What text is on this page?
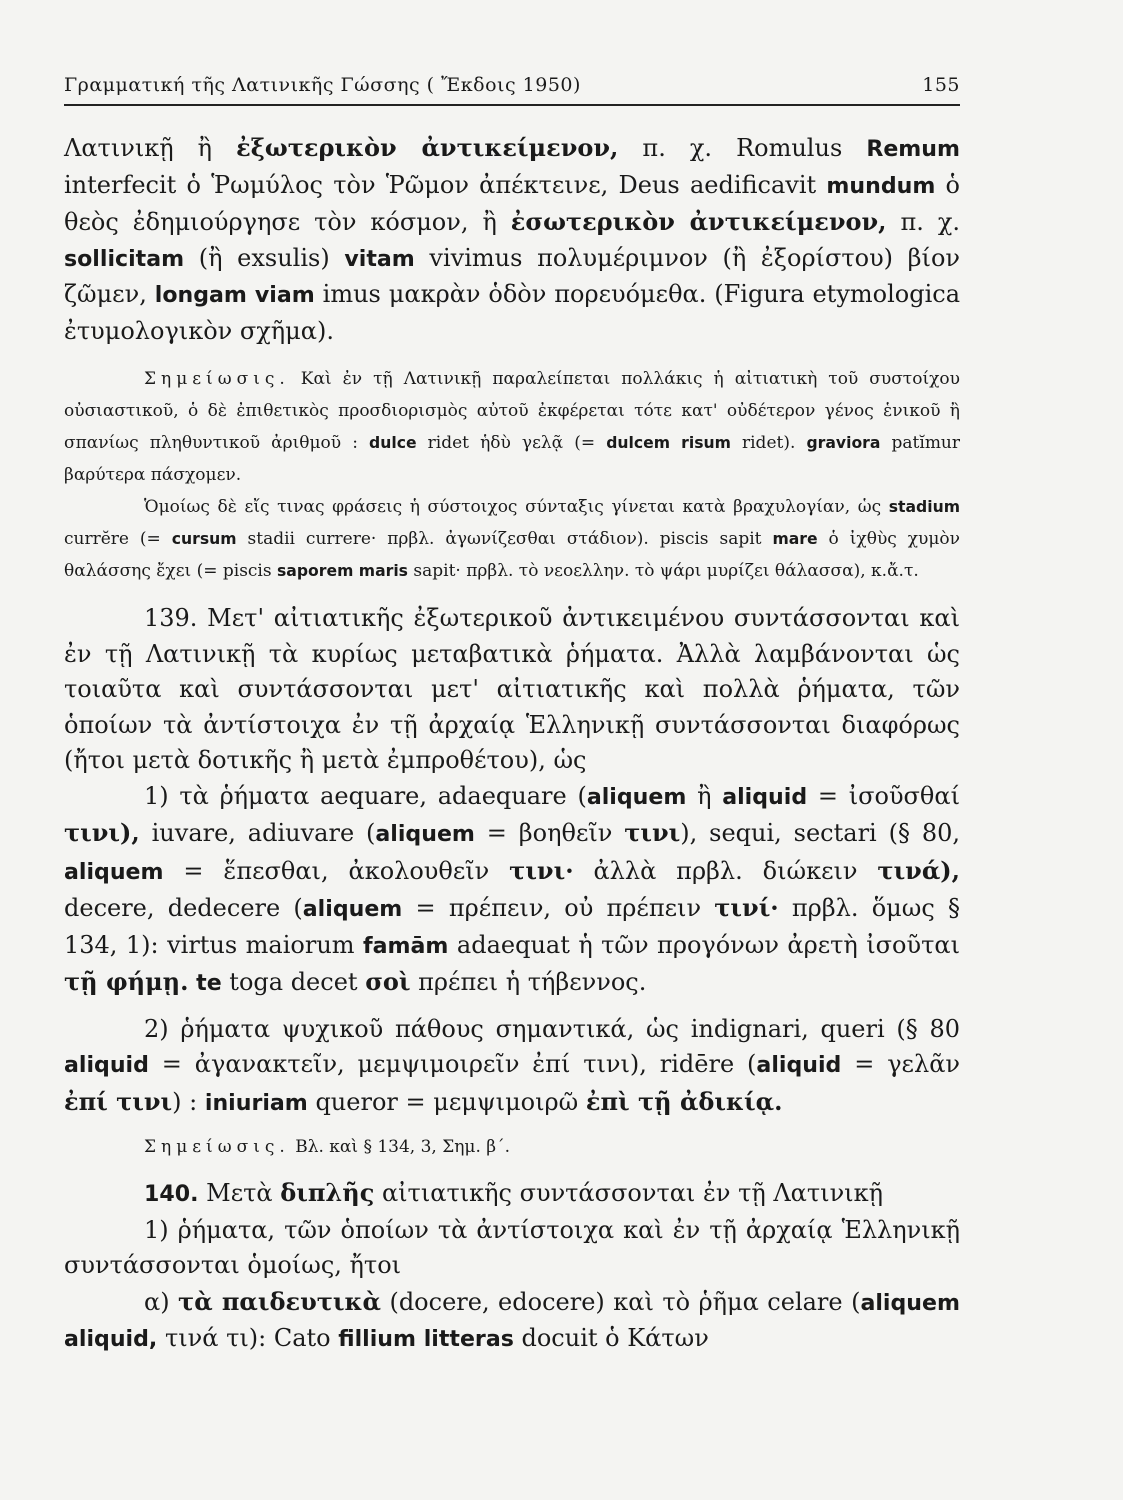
Γραμματική τῆς Λατινικῆς Γώσσης ( Ἔκδοις 1950)	155

Λατινικῇ ἢ ἐξωτερικὸν ἀντικείμενον, π. χ. Romulus Remum interfecit ὁ Ῥωμύλος τὸν Ῥῶμον ἀπέκτεινε, Deus aedificavit mundum ὁ θεὸς ἐδημιούργησε τὸν κόσμον, ἢ ἐσωτερικὸν ἀντικείμενον, π. χ. sollicitam (ἢ exsulis) vitam vivimus πολυμέριμνον (ἢ ἐξορίστου) βίον ζῶμεν, longam viam imus μακρὰν ὁδὸν πορευόμεθα. (Figura etymologica ἐτυμολογικὸν σχῆμα).

Σημείωσις. Καὶ ἐν τῇ Λατινικῇ παραλείπεται πολλάκις ἡ αἰτιατικὴ τοῦ συστοίχου οὐσιαστικοῦ, ὁ δὲ ἐπιθετικὸς προσδιορισμὸς αὐτοῦ ἐκφέρεται τότε κατ' οὐδέτερον γένος ἑνικοῦ ἢ σπανίως πληθυντικοῦ ἀριθμοῦ : dulce ridet ἡδὺ γελᾷ (= dulcem risum ridet). graviora patĭmur βαρύτερα πάσχομεν.

Ὁμοίως δὲ εἴς τινας φράσεις ἡ σύστοιχος σύνταξις γίνεται κατὰ βραχυλογίαν, ὡς stadium currĕre (= cursum stadii currere· πρβλ. ἀγωνίζεσθαι στάδιον). piscis sapit mare ὁ ἰχθὺς χυμὸν θαλάσσης ἔχει (= piscis saporem maris sapit· πρβλ. τὸ νεοελλην. τὸ ψάρι μυρίζει θάλασσα), κ.ἄ.τ.

139. Μετ' αἰτιατικῆς ἐξωτερικοῦ ἀντικειμένου συντάσσονται καὶ ἐν τῇ Λατινικῇ τὰ κυρίως μεταβατικὰ ῥήματα. Ἀλλὰ λαμβάνονται ὡς τοιαῦτα καὶ συντάσσονται μετ' αἰτιατικῆς καὶ πολλὰ ῥήματα, τῶν ὁποίων τὰ ἀντίστοιχα ἐν τῇ ἀρχαίᾳ Ἑλληνικῇ συντάσσονται διαφόρως (ἤτοι μετὰ δοτικῆς ἢ μετὰ ἐμπροθέτου), ὡς

1) τὰ ῥήματα aequare, adaequare (aliquem ἢ aliquid = ἰσοῦσθαί τινι), iuvare, adiuvare (aliquem = βοηθεῖν τινι), sequi, sectari (§ 80, aliquem = ἕπεσθαι, ἀκολουθεῖν τινι· ἀλλὰ πρβλ. διώκειν τινά), decere, dedecere (aliquem = πρέπειν, οὐ πρέπειν τινί· πρβλ. ὅμως § 134, 1): virtus maiorum famām adaequat ἡ τῶν προγόνων ἀρετὴ ἰσοῦται τῇ φήμῃ. te toga decet σοὶ πρέπει ἡ τήβεννος.

2) ῥήματα ψυχικοῦ πάθους σημαντικά, ὡς indignari, queri (§ 80 aliquid = ἀγανακτεῖν, μεμψιμοιρεῖν ἐπί τινι), ridēre (aliquid = γελᾶν ἐπί τινι) : iniuriam queror = μεμψιμοιρῶ ἐπὶ τῇ ἀδικίᾳ.

Σημείωσις. Βλ. καὶ § 134, 3, Σημ. β΄.

140. Μετὰ διπλῆς αἰτιατικῆς συντάσσονται ἐν τῇ Λατινικῇ

1) ῥήματα, τῶν ὁποίων τὰ ἀντίστοιχα καὶ ἐν τῇ ἀρχαίᾳ Ἑλληνικῇ συντάσσονται ὁμοίως, ἤτοι

α) τὰ παιδευτικὰ (docere, edocere) καὶ τὸ ῥῆμα celare (aliquem aliquid, τινά τι): Cato fillium litteras docuit ὁ Κάτων
